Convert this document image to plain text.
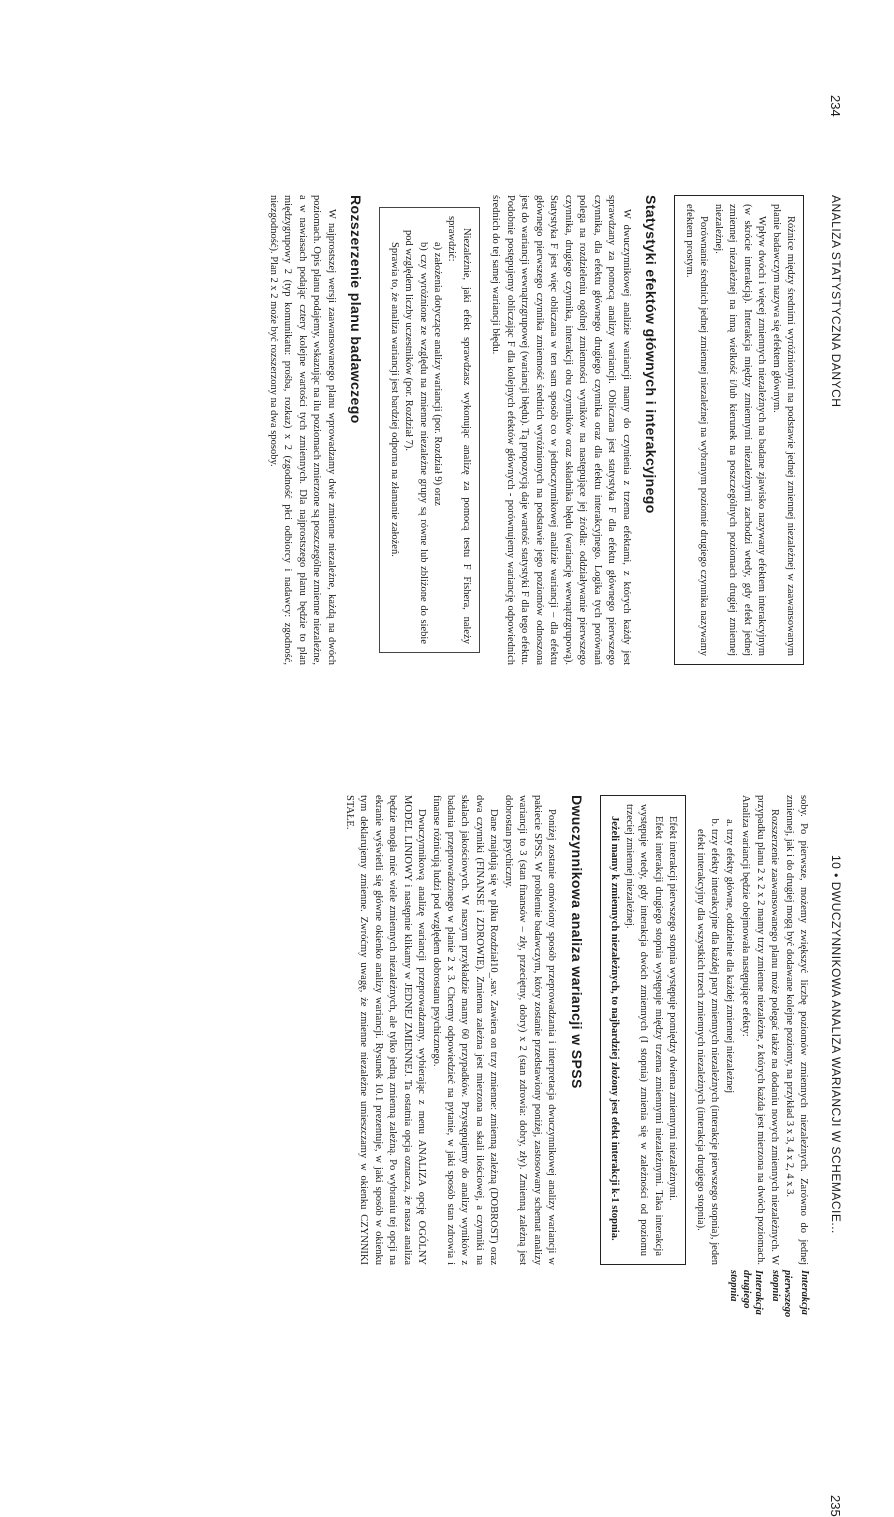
234
ANALIZA STATYSTYCZNA DANYCH

Różnice między średnimi wyróżnionymi na podstawie jednej zmiennej niezależnej w zaawansowanym planie badawczym nazywa się efektem głównym.

Wpływ dwóch i więcej zmiennych niezależnych na badane zjawisko nazywany efektem interakcyjnym (w skrócie interakcją). Interakcja między zmiennymi niezależnymi zachodzi wtedy, gdy efekt jednej zmiennej niezależnej na inną wielkość i/lub kierunek na poszczególnych poziomach drugiej zmiennej niezależnej.

Porównanie średnich jednej zmiennej niezależnej na wybranym poziomie drugiego czynnika nazywamy efektem prostym.

Statystyki efektów głównych i interakcyjnego

W dwuczynnikowej analizie wariancji mamy do czynienia z trzema efektami, z których każdy jest sprawdzany za pomocą analizy wariancji. Obliczana jest statystyka F dla efektu głównego pierwszego czynnika, dla efektu głównego drugiego czynnika oraz dla efektu interakcyjnego. Logika tych porównań polega na rozdzieleniu ogólnej zmienności wyników na następujące jej źródła: oddziaływanie pierwszego czynnika, drugiego czynnika, interakcji obu czynników oraz składnika błędu (wariancję wewnątrzgrupową). Statystyka F jest więc obliczana w ten sam sposób co w jednoczynnikowej analizie wariancji – dla efektu głównego pierwszego czynnika zmienność średnich wyróżnionych na podstawie jego poziomów odnoszona jest do wariancji wewnątrzgrupowej (wariancji błędu). Tą propozycją daje wartość statystyki F dla tego efektu. Podobnie postępujemy obliczając F dla kolejnych efektów głównych - porównujemy wariancję odpowiednich średnich do tej samej wariancji błędu.

Niezależnie, jaki efekt sprawdzasz wykonując analizę za pomocą testu F Fishera, należy sprawdzić:

a) założenia dotyczące analizy wariancji (por. Rozdział 9) oraz

b) czy wyróżnione ze względu na zmienne niezależne grupy są równe lub zbliżone do siebie pod względem liczby uczestników (por. Rozdział 7).

Sprawia to, że analiza wariancji jest bardziej odporna na złamanie założeń.

Rozszerzenie planu badawczego

W najprostszej wersji zaawansowanego planu wprowadzamy dwie zmienne niezależne, każdą na dwóch poziomach. Opis planu podajemy, wskazując na ilu poziomach zmierzone są poszczególne zmienne niezależne, a w nawiasach podając cztery kolejne wartości tych zmiennych. Dla najprostszego planu będzie to plan międzygrupowy 2 (typ komunikatu: prośba, rozkaz) x 2 (zgodność płci odbiorcy i nadawcy: zgodność, niezgodność). Plan 2 x 2 może być rozszerzony na dwa sposoby.

235
10 • DWUCZYNNIKOWA ANALIZA WARIANCJI W SCHEMACIE...

soby. Po pierwsze, możemy zwiększyć liczbę poziomów zmiennych niezależnych. Zarówno do jednej zmiennej, jak i do drugiej mogą być dodawane kolejne poziomy, na przykład 3 x 3, 4 x 2, 4 x 3.

Rozszerzenie zaawansowanego planu może polegać także na dodaniu nowych zmiennych niezależnych. W przypadku planu 2 x 2 x 2 mamy trzy zmienne niezależne, z których każda jest mierzona na dwóch poziomach. Analiza wariancji będzie obejmowała następujące efekty:

a. trzy efekty główne, oddzielnie dla każdej zmiennej niezależnej
b. trzy efekty interakcyjne dla każdej pary zmiennych niezależnych (interakcje pierwszego stopnia), jeden efekt interakcyjny dla wszystkich trzech zmiennych niezależnych (interakcja drugiego stopnia).

Efekt interakcji pierwszego stopnia występuje pomiędzy dwiema zmiennymi niezależnymi.

Efekt interakcji drugiego stopnia występuje między trzema zmiennymi niezależnymi. Taka interakcja występuje wtedy, gdy interakcja dwóch zmiennych (I stopnia) zmienia się w zależności od poziomu trzeciej zmiennej niezależnej.

Jeżeli mamy k zmiennych niezależnych, to najbardziej złożony jest efekt interakcji k-1 stopnia.

Dwuczynnikowa analiza wariancji w SPSS

Poniżej zostanie omówiony sposób przeprowadzania i interpretacja dwuczynnikowej analizy wariancji w pakiecie SPSS. W problemie badawczym, który zostanie przedstawiony poniżej, zastosowany schemat analizy wariancji to 3 (stan finansów – zły, przeciętny, dobry) x 2 (stan zdrowia: dobry, zły). Zmienną zależną jest dobrostan psychiczny.

Dane znajdują się w pliku Rozdział10_.sav. Zawiera on trzy zmienne: zmienną zależną (DOBROST) oraz dwa czynniki (FINANSE i ZDROWIE). Zmienna zależna jest mierzona na skali ilościowej, a czynniki na skalach jakościowych. W naszym przykładzie mamy 60 przypadków. Przystępujemy do analizy wyników z badania przeprowadzonego w planie 2 x 3. Chcemy odpowiedzieć na pytanie, w jaki sposób stan zdrowia i finanse różnicują ludzi pod względem dobrostanu psychicznego.

Dwuczynnikową analizę wariancji przeprowadzamy, wybierając z menu ANALIZA opcję OGÓLNY MODEL LINIOWY i następnie klikamy w JEDNEJ ZMIENNEJ. Ta ostatnia opcja oznacza, że nasza analiza będzie mogła mieć wiele zmiennych niezależnych, ale tylko jedną zmienną zależną. Po wybraniu tej opcji na ekranie wyświetli się główne okienko analizy wariancji. Rysunek 10.1 prezentuje, w jaki sposób w okienku tym deklarujemy zmienne. Zwróćmy uwagę, że zmienne niezależne umieszczamy w okienku CZYNNIKI STAŁE.

Interakcja
pierwszego stopnia
Interakcja drugiego stopnia
